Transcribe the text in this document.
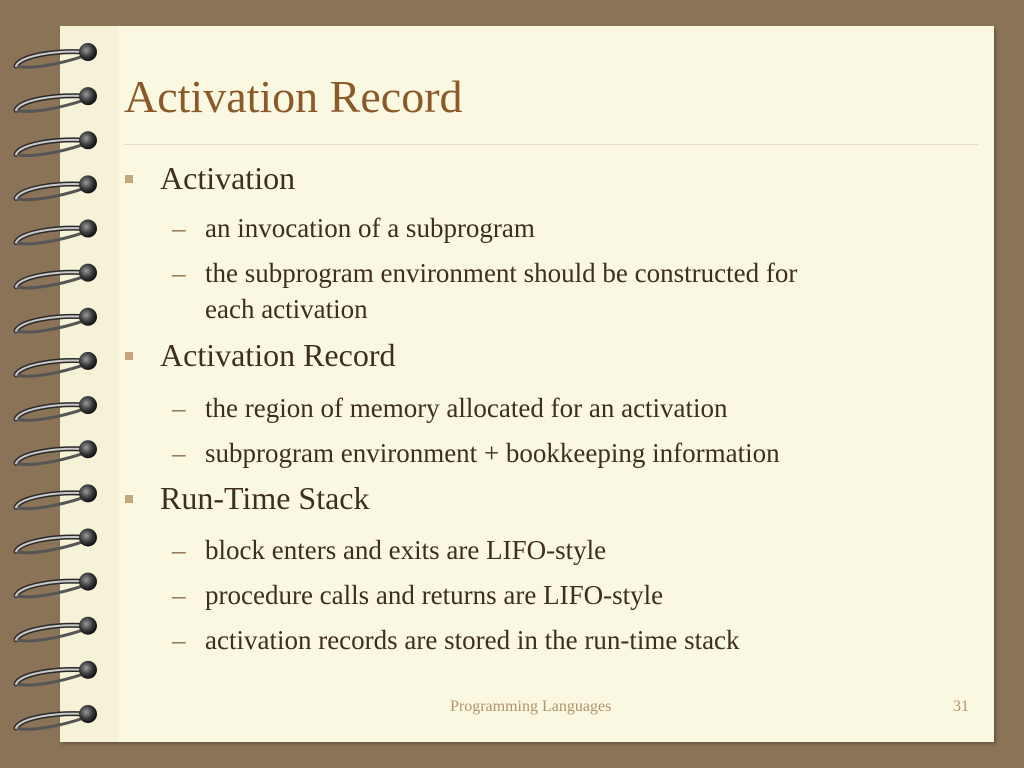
Activation Record
Activation
– an invocation of a subprogram
– the subprogram environment should be constructed for
each activation
Activation Record
– the region of memory allocated for an activation
– subprogram environment + bookkeeping information
Run-Time Stack
– block enters and exits are LIFO-style
– procedure calls and returns are LIFO-style
– activation records are stored in the run-time stack
Programming Languages	31
